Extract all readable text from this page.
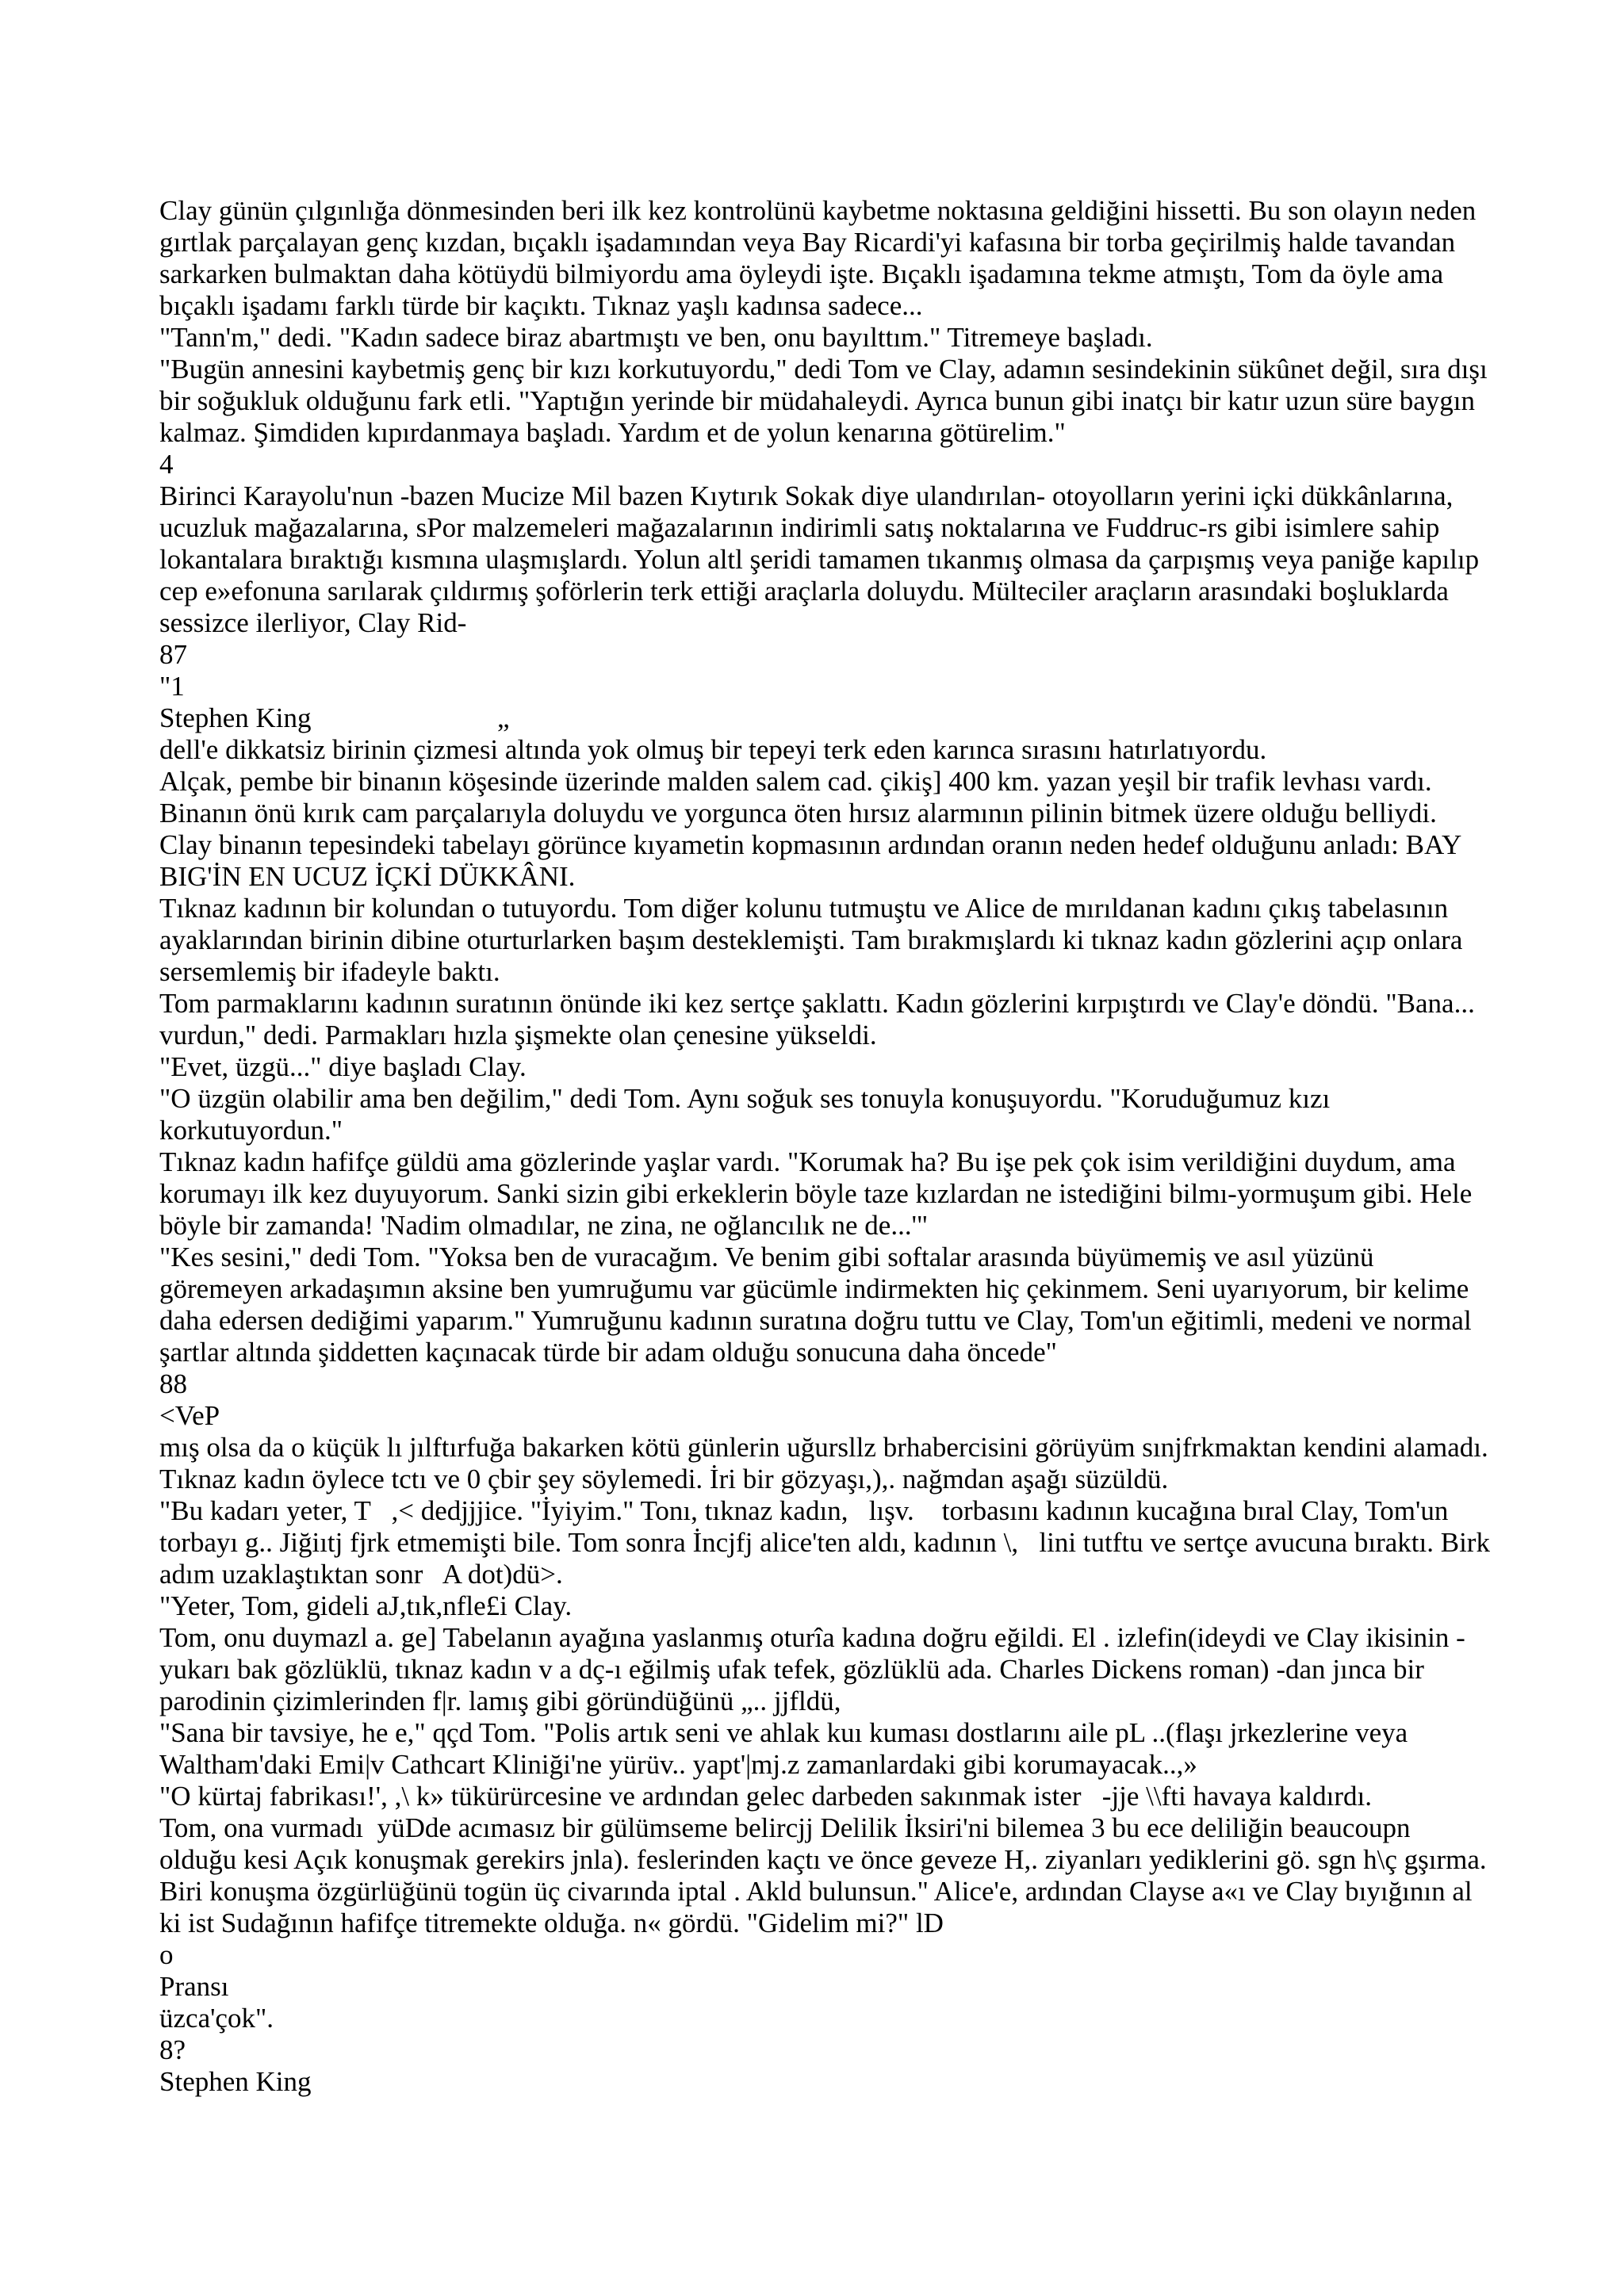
Clay günün çılgınlığa dönmesinden beri ilk kez kontrolünü kaybetme noktasına geldiğini hissetti. Bu son olayın neden
gırtlak parçalayan genç kızdan, bıçaklı işadamından veya Bay Ricardi'yi kafasına bir torba geçirilmiş halde tavandan
sarkarken bulmaktan daha kötüydü bilmiyordu ama öyleydi işte. Bıçaklı işadamına tekme atmıştı, Tom da öyle ama
bıçaklı işadamı farklı türde bir kaçıktı. Tıknaz yaşlı kadınsa sadece...
"Tann'm," dedi. "Kadın sadece biraz abartmıştı ve ben, onu bayılttım." Titremeye başladı.
"Bugün annesini kaybetmiş genç bir kızı korkutuyordu," dedi Tom ve Clay, adamın sesindekinin sükûnet değil, sıra dışı
bir soğukluk olduğunu fark etli. "Yaptığın yerinde bir müdahaleydi. Ayrıca bunun gibi inatçı bir katır uzun süre baygın
kalmaz. Şimdiden kıpırdanmaya başladı. Yardım et de yolun kenarına götürelim."
4
Birinci Karayolu'nun -bazen Mucize Mil bazen Kıytırık Sokak diye ulandırılan- otoyolların yerini içki dükkânlarına,
ucuzluk mağazalarına, sPor malzemeleri mağazalarının indirimli satış noktalarına ve Fuddruc-rs gibi isimlere sahip
lokantalara bıraktığı kısmına ulaşmışlardı. Yolun altl şeridi tamamen tıkanmış olmasa da çarpışmış veya paniğe kapılıp
cep e»efonuna sarılarak çıldırmış şoförlerin terk ettiği araçlarla doluydu. Mülteciler araçların arasındaki boşluklarda
sessizce ilerliyor, Clay Rid-
87
"1
Stephen King
dell'e dikkatsiz birinin çizmesi altında yok olmuş bir tepeyi terk eden karınca sırasını hatırlatıyordu.
Alçak, pembe bir binanın köşesinde üzerinde malden salem cad. çikiş] 400 km. yazan yeşil bir trafik levhası vardı.
Binanın önü kırık cam parçalarıyla doluydu ve yorgunca öten hırsız alarmının pilinin bitmek üzere olduğu belliydi.
Clay binanın tepesindeki tabelayı görünce kıyametin kopmasının ardından oranın neden hedef olduğunu anladı: BAY
BIG'İN EN UCUZ İÇKİ DÜKKÂNI.
Tıknaz kadının bir kolundan o tutuyordu. Tom diğer kolunu tutmuştu ve Alice de mırıldanan kadını çıkış tabelasının
ayaklarından birinin dibine oturturlarken başım desteklemişti. Tam bırakmışlardı ki tıknaz kadın gözlerini açıp onlara
sersemlemiş bir ifadeyle baktı.
Tom parmaklarını kadının suratının önünde iki kez sertçe şaklattı. Kadın gözlerini kırpıştırdı ve Clay'e döndü. "Bana...
vurdun," dedi. Parmakları hızla şişmekte olan çenesine yükseldi.
"Evet, üzgü..." diye başladı Clay.
"O üzgün olabilir ama ben değilim," dedi Tom. Aynı soğuk ses tonuyla konuşuyordu. "Koruduğumuz kızı
korkutuyordun."
Tıknaz kadın hafifçe güldü ama gözlerinde yaşlar vardı. "Korumak ha? Bu işe pek çok isim verildiğini duydum, ama
korumayı ilk kez duyuyorum. Sanki sizin gibi erkeklerin böyle taze kızlardan ne istediğini bilmı-yormuşum gibi. Hele
böyle bir zamanda! 'Nadim olmadılar, ne zina, ne oğlancılık ne de...'"
"Kes sesini," dedi Tom. "Yoksa ben de vuracağım. Ve benim gibi softalar arasında büyümemiş ve asıl yüzünü
göremeyen arkadaşımın aksine ben yumruğumu var gücümle indirmekten hiç çekinmem. Seni uyarıyorum, bir kelime
daha edersen dediğimi yaparım." Yumruğunu kadının suratına doğru tuttu ve Clay, Tom'un eğitimli, medeni ve normal
şartlar altında şiddetten kaçınacak türde bir adam olduğu sonucuna daha öncede"
88
<VeP
mış olsa da o küçük lı jılftırfuğa bakarken kötü günlerin uğursllz brhabercisini görüyüm sınjfrkmaktan kendini alamadı.
Tıknaz kadın öylece tctı ve 0 çbir şey söylemedi. İri bir gözyaşı,),. nağmdan aşağı süzüldü.
"Bu kadarı yeter, T   ,< dedjjjice. "İyiyim." Tonı, tıknaz kadın,   lışv.    torbasını kadının kucağına bıral Clay, Tom'un
torbayı g.. Jiğiıtj fjrk etmemişti bile. Tom sonra İncjfj alice'ten aldı, kadının \,   lini tutftu ve sertçe avucuna bıraktı. Birk
adım uzaklaştıktan sonr   A dot)dü>.
"Yeter, Tom, gideli aJ,tık,nfle£i Clay.
Tom, onu duymazl a. ge] Tabelanın ayağına yaslanmış oturîa kadına doğru eğildi. El . izlefin(ideydi ve Clay ikisinin -
yukarı bak gözlüklü, tıknaz kadın v a dç-ı eğilmiş ufak tefek, gözlüklü ada. Charles Dickens roman) -dan jınca bir
parodinin çizimlerinden f|r. lamış gibi göründüğünü „.. jjfldü,
"Sana bir tavsiye, he e," qçd Tom. "Polis artık seni ve ahlak kuı kuması dostlarını aile pL ..(flaşı jrkezlerine veya
Waltham'daki Emi|v Cathcart Kliniği'ne yürüv.. yapt'|mj.z zamanlardaki gibi korumayacak..,»
"O kürtaj fabrikası!', ,\ k» tükürürcesine ve ardından gelec darbeden sakınmak ister   -jje \\fti havaya kaldırdı.
Tom, ona vurmadı  yüDde acımasız bir gülümseme belircjj Delilik İksiri'ni bilemea 3 bu ece deliliğin beaucoupn
olduğu kesi Açık konuşmak gerekirs jnla). feslerinden kaçtı ve önce geveze H,. ziyanları yediklerini gö. sgn h\ç gşırma.
Biri konuşma özgürlüğünü togün üç civarında iptal . Akld bulunsun." Alice'e, ardından Clayse a«ı ve Clay bıyığının al
ki ist Sudağının hafifçe titremekte olduğa. n« gördü. "Gidelim mi?" lD
o
Pransı
üzca'çok".
8?
Stephen King
„
